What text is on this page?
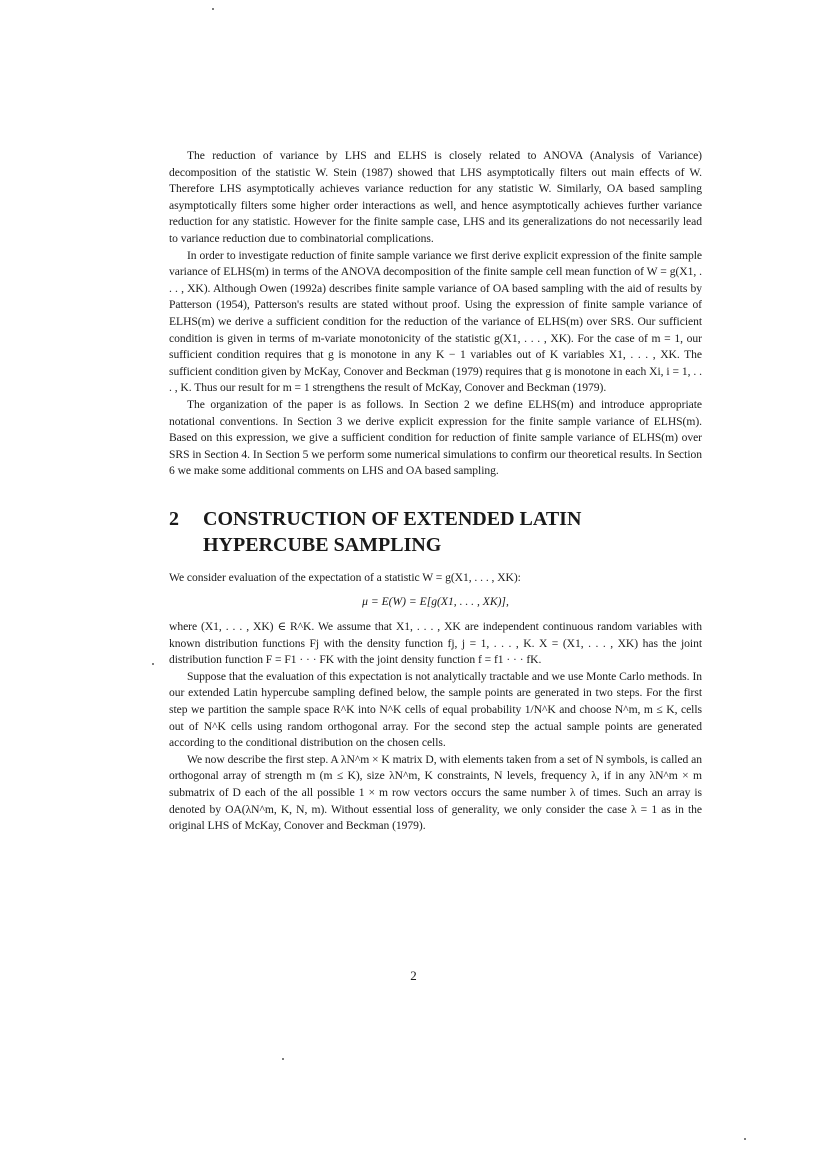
The reduction of variance by LHS and ELHS is closely related to ANOVA (Analysis of Variance) decomposition of the statistic W. Stein (1987) showed that LHS asymptotically filters out main effects of W. Therefore LHS asymptotically achieves variance reduction for any statistic W. Similarly, OA based sampling asymptotically filters some higher order interactions as well, and hence asymptotically achieves further variance reduction for any statistic. However for the finite sample case, LHS and its generalizations do not necessarily lead to variance reduction due to combinatorial complications.

In order to investigate reduction of finite sample variance we first derive explicit expression of the finite sample variance of ELHS(m) in terms of the ANOVA decomposition of the finite sample cell mean function of W = g(X1, . . . , XK). Although Owen (1992a) describes finite sample variance of OA based sampling with the aid of results by Patterson (1954), Patterson's results are stated without proof. Using the expression of finite sample variance of ELHS(m) we derive a sufficient condition for the reduction of the variance of ELHS(m) over SRS. Our sufficient condition is given in terms of m-variate monotonicity of the statistic g(X1, . . . , XK). For the case of m = 1, our sufficient condition requires that g is monotone in any K − 1 variables out of K variables X1, . . . , XK. The sufficient condition given by McKay, Conover and Beckman (1979) requires that g is monotone in each Xi, i = 1, . . . , K. Thus our result for m = 1 strengthens the result of McKay, Conover and Beckman (1979).

The organization of the paper is as follows. In Section 2 we define ELHS(m) and introduce appropriate notational conventions. In Section 3 we derive explicit expression for the finite sample variance of ELHS(m). Based on this expression, we give a sufficient condition for reduction of finite sample variance of ELHS(m) over SRS in Section 4. In Section 5 we perform some numerical simulations to confirm our theoretical results. In Section 6 we make some additional comments on LHS and OA based sampling.

2	CONSTRUCTION OF EXTENDED LATIN HYPERCUBE SAMPLING

We consider evaluation of the expectation of a statistic W = g(X1, . . . , XK):

μ = E(W) = E[g(X1, . . . , XK)],

where (X1, . . . , XK) ∈ R^K. We assume that X1, . . . , XK are independent continuous random variables with known distribution functions Fj with the density function fj, j = 1, . . . , K. X = (X1, . . . , XK) has the joint distribution function F = F1 · · · FK with the joint density function f = f1 · · · fK.

Suppose that the evaluation of this expectation is not analytically tractable and we use Monte Carlo methods. In our extended Latin hypercube sampling defined below, the sample points are generated in two steps. For the first step we partition the sample space R^K into N^K cells of equal probability 1/N^K and choose N^m, m ≤ K, cells out of N^K cells using random orthogonal array. For the second step the actual sample points are generated according to the conditional distribution on the chosen cells.

We now describe the first step. A λN^m × K matrix D, with elements taken from a set of N symbols, is called an orthogonal array of strength m (m ≤ K), size λN^m, K constraints, N levels, frequency λ, if in any λN^m × m submatrix of D each of the all possible 1 × m row vectors occurs the same number λ of times. Such an array is denoted by OA(λN^m, K, N, m). Without essential loss of generality, we only consider the case λ = 1 as in the original LHS of McKay, Conover and Beckman (1979).

2
